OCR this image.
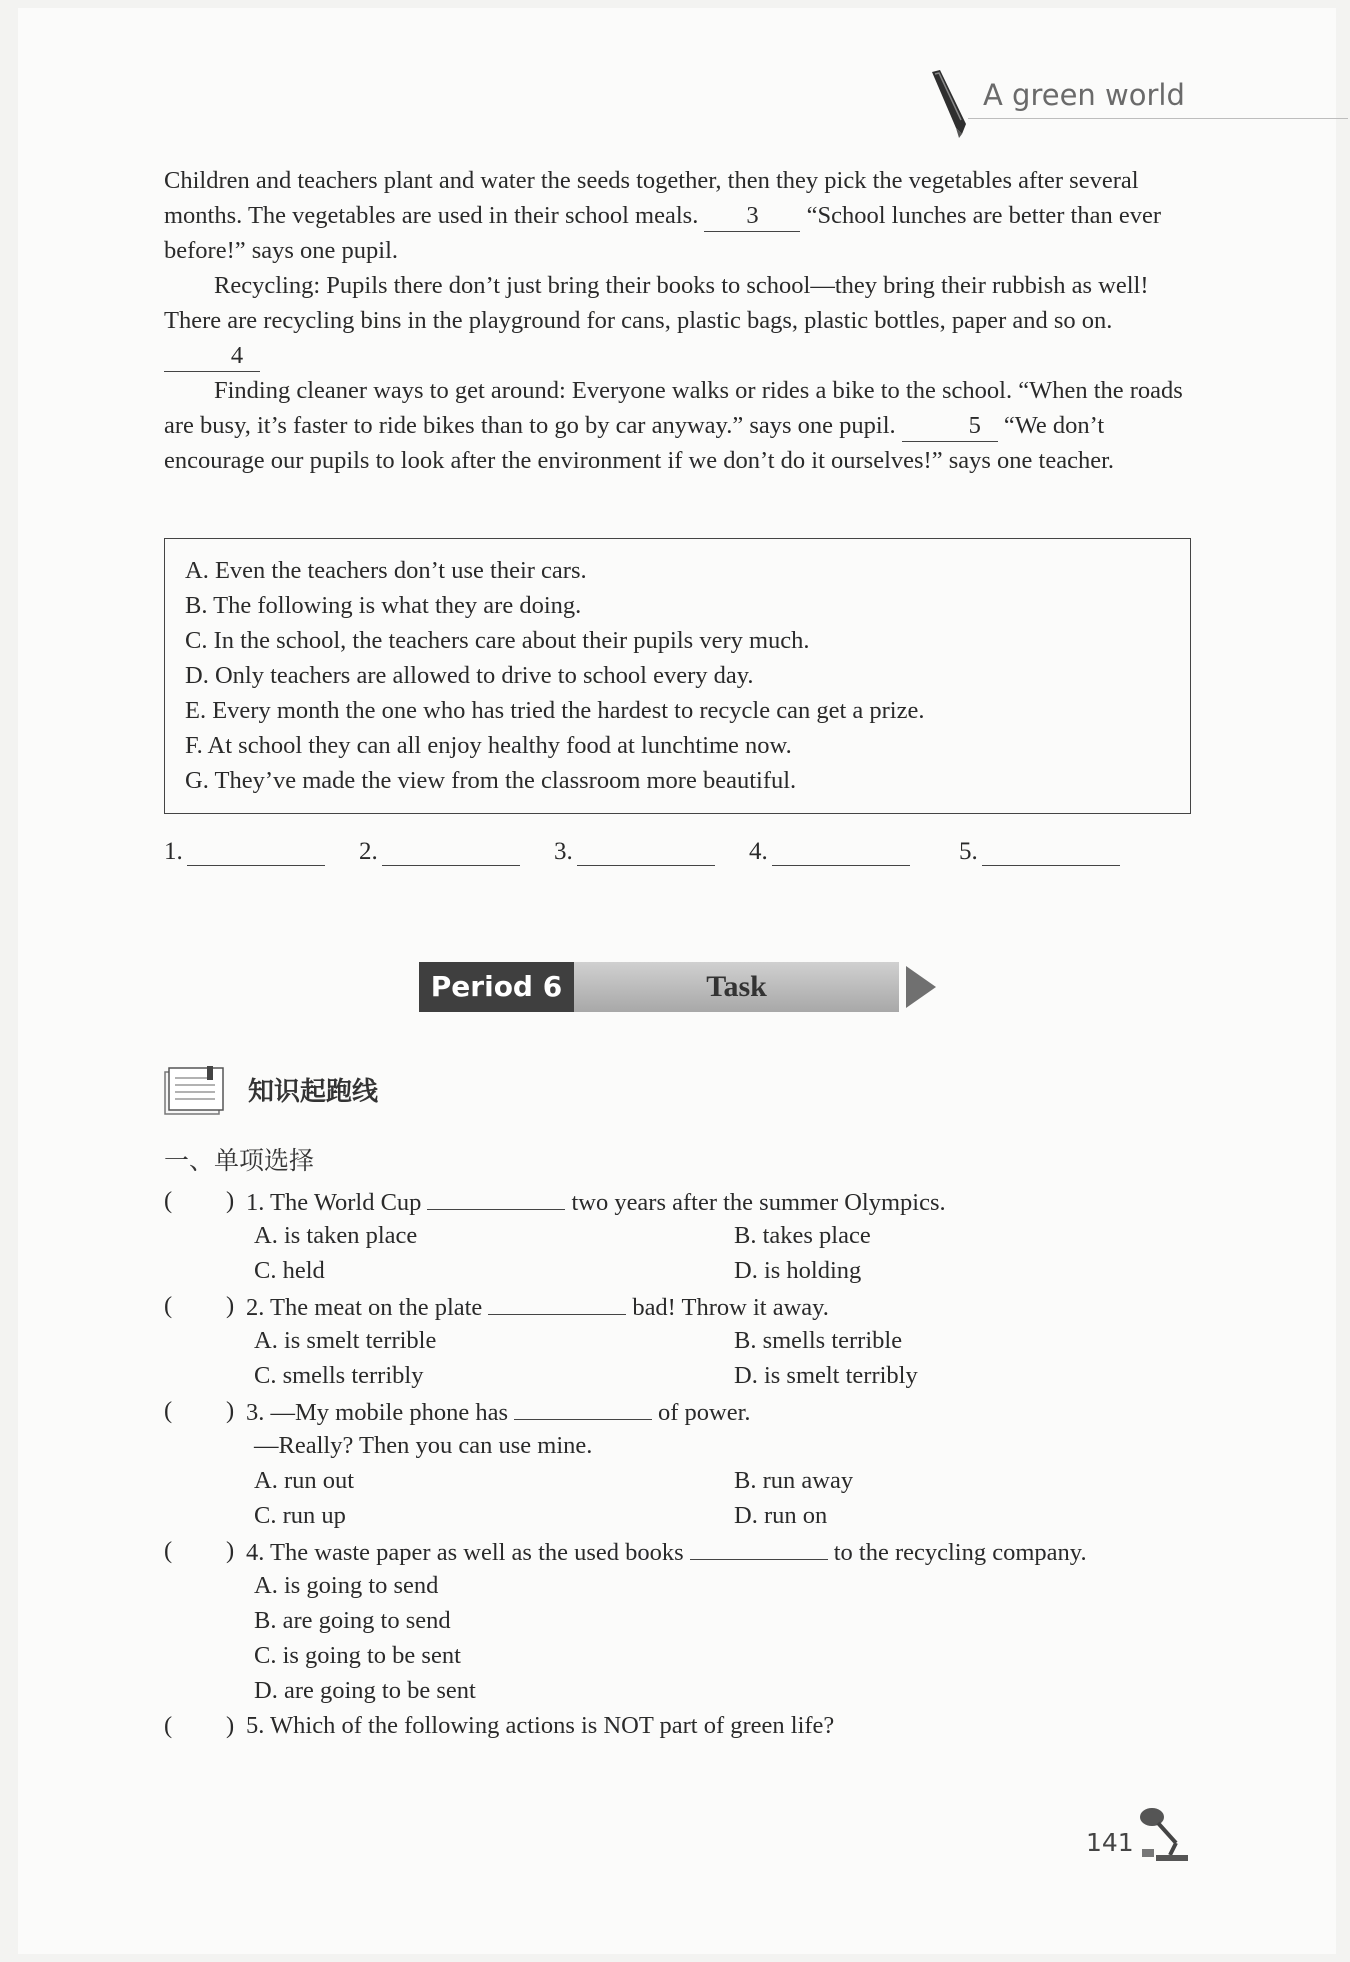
A green world

Children and teachers plant and water the seeds together, then they pick the vegetables after several months. The vegetables are used in their school meals. 3 “School lunches are better than ever before!” says one pupil.

Recycling: Pupils there don’t just bring their books to school—they bring their rubbish as well! There are recycling bins in the playground for cans, plastic bags, plastic bottles, paper and so on. 4

Finding cleaner ways to get around: Everyone walks or rides a bike to the school. “When the roads are busy, it’s faster to ride bikes than to go by car anyway.” says one pupil.	5 “We don’t encourage our pupils to look after the environment if we don’t do it ourselves!” says one teacher.

A. Even the teachers don’t use their cars.
B. The following is what they are doing.
C. In the school, the teachers care about their pupils very much.
D. Only teachers are allowed to drive to school every day.
E. Every month the one who has tried the hardest to recycle can get a prize.
F. At school they can all enjoy healthy food at lunchtime now.
G. They’ve made the view from the classroom more beautiful.
1.	2.	3.	4.	5.
Period 6	Task
知识起跑线
一、单项选择
( ) 1. The World Cup	two years after the summer Olympics.
A. is taken place	B. takes place
C. held	D. is holding
( ) 2. The meat on the plate	bad! Throw it away.
A. is smelt terrible	B. smells terrible
C. smells terribly	D. is smelt terribly
( ) 3. —My mobile phone has	of power.
—Really? Then you can use mine.
A. run out	B. run away
C. run up	D. run on
( ) 4. The waste paper as well as the used books	to the recycling company.
A. is going to send
B. are going to send
C. is going to be sent
D. are going to be sent
( ) 5. Which of the following actions is NOT part of green life?
141
